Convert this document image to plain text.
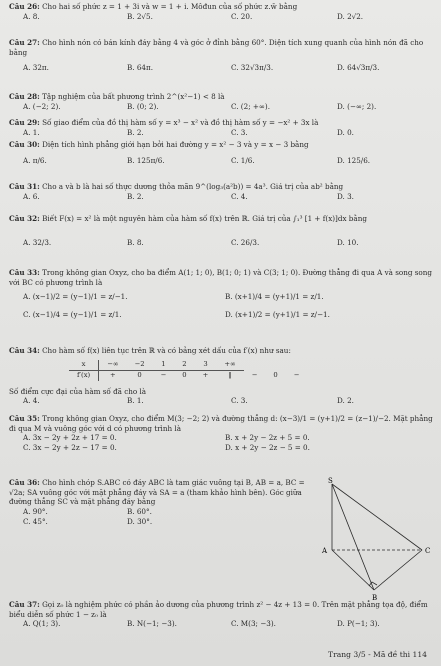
Câu 26: Cho hai số phức z = 1 + 3i và w = 1 + i. Môđun của số phức z.w̄ bằng
A. 8.	B. 2√5.	C. 20.	D. 2√2.
Câu 27: Cho hình nón có bán kính đáy bằng 4 và góc ở đỉnh bằng 60°. Diện tích xung quanh của hình nón đã cho bằng
A. 32π.	B. 64π.	C. 32√3π/3.	D. 64√3π/3.
Câu 28: Tập nghiệm của bất phương trình 2^(x²−1) < 8 là
A. (−2; 2).	B. (0; 2).	C. (2; +∞).	D. (−∞; 2).
Câu 29: Số giao điểm của đồ thị hàm số y = x³ − x² và đồ thị hàm số y = −x² + 3x là
A. 1.	B. 2.	C. 3.	D. 0.
Câu 30: Diện tích hình phẳng giới hạn bởi hai đường y = x² − 3 và y = x − 3 bằng
A. π/6.	B. 125π/6.	C. 1/6.	D. 125/6.
Câu 31: Cho a và b là hai số thực dương thỏa mãn 9^(log₃(a²b)) = 4a³. Giá trị của ab² bằng
A. 6.	B. 2.	C. 4.	D. 3.
Câu 32: Biết F(x) = x² là một nguyên hàm của hàm số f(x) trên ℝ. Giá trị của ∫₁³ [1 + f(x)]dx bằng
A. 32/3.	B. 8.	C. 26/3.	D. 10.
Câu 33: Trong không gian Oxyz, cho ba điểm A(1; 1; 0), B(1; 0; 1) và C(3; 1; 0). Đường thẳng đi qua A và song song với BC có phương trình là
A. (x−1)/2 = (y−1)/1 = z/−1.	B. (x+1)/4 = (y+1)/1 = z/1.
C. (x−1)/4 = (y−1)/1 = z/1.	D. (x+1)/2 = (y+1)/1 = z/−1.
Câu 34: Cho hàm số f(x) liên tục trên ℝ và có bảng xét dấu của f′(x) như sau:
x	−∞	−2	1	2	3	+∞			
f′(x)	+	0	−	0	+	‖	−	0	−
Số điểm cực đại của hàm số đã cho là
A. 4.	B. 1.	C. 3.	D. 2.
Câu 35: Trong không gian Oxyz, cho điểm M(3; −2; 2) và đường thẳng d: (x−3)/1 = (y+1)/2 = (z−1)/−2. Mặt phẳng đi qua M và vuông góc với d có phương trình là
A. 3x − 2y + 2z + 17 = 0.	B. x + 2y − 2z + 5 = 0.
C. 3x − 2y + 2z − 17 = 0.	D. x + 2y − 2z − 5 = 0.
Câu 36: Cho hình chóp S.ABC có đáy ABC là tam giác vuông tại B, AB = a, BC = √2a; SA vuông góc với mặt phẳng đáy và SA = a (tham khảo hình bên). Góc giữa đường thẳng SC và mặt phẳng đáy bằng
A. 90°.	B. 60°.
C. 45°.	D. 30°.
S
A
B
C
Câu 37: Gọi z₀ là nghiệm phức có phần ảo dương của phương trình z² − 4z + 13 = 0. Trên mặt phẳng tọa độ, điểm biểu diễn số phức 1 − z₀ là
A. Q(1; 3).	B. N(−1; −3).	C. M(3; −3).	D. P(−1; 3).
Trang 3/5 - Mã đề thi 114
